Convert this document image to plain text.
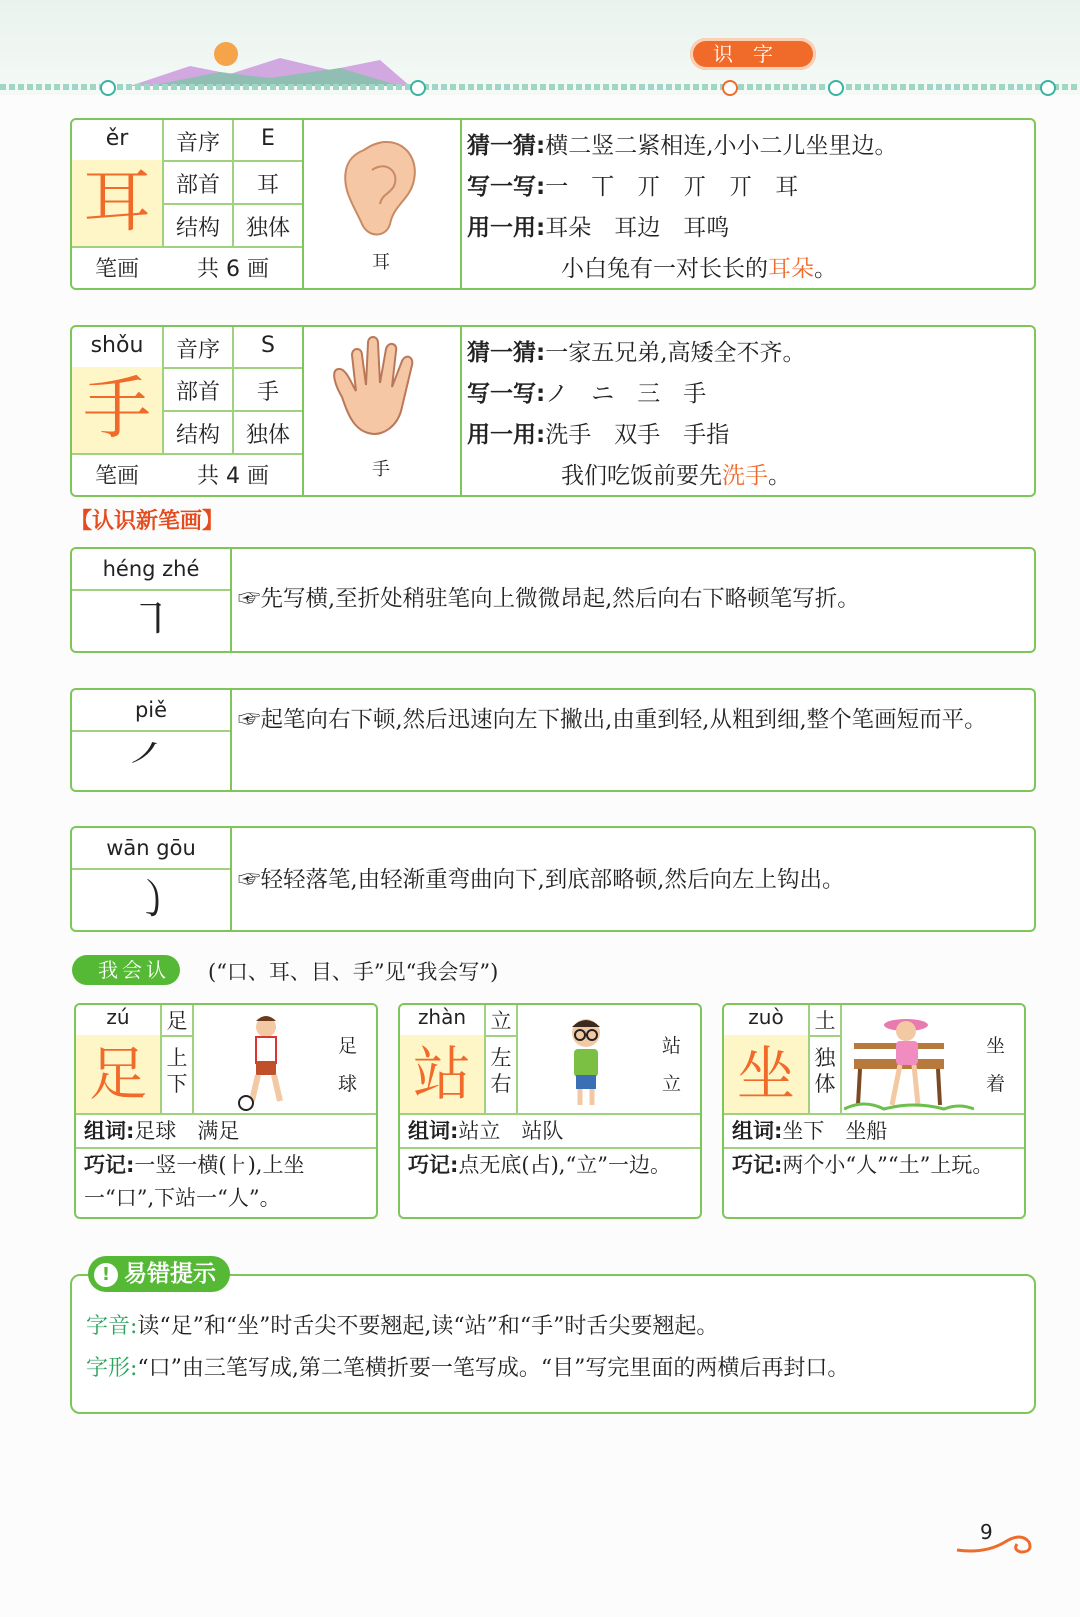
识字
ěr
耳
音序	E
部首	耳
结构	独体
笔画	共 6 画	耳
猜一猜:横二竖二紧相连,小小二儿坐里边。
写一写:一　丅　丌　丌　丌　耳
用一用:耳朵　耳边　耳鸣
小白兔有一对长长的耳朵。
shǒu
手
音序	S
部首	手
结构	独体
笔画	共 4 画	手
猜一猜:一家五兄弟,高矮全不齐。
写一写:ノ　ニ　三　手
用一用:洗手　双手　手指
我们吃饭前要先洗手。
【认识新笔画】
héng zhé
㇕	☞先写横,至折处稍驻笔向上微微昂起,然后向右下略顿笔写折。
piě
㇒
☞起笔向右下顿,然后迅速向左下撇出,由重到轻,从粗到细,整个笔画短而平。
wān gōu
㇁	☞轻轻落笔,由轻渐重弯曲向下,到底部略顿,然后向左上钩出。
我会认	(“口、耳、目、手”见“我会写”)
zú
足
足
上下
足球
组词:足球　满足
巧记:一竖一横(⺊),上坐一“口”,下站一“人”。
zhàn
站
立
左右
站立
组词:站立　站队
巧记:点无底(占),“立”一边。
zuò
坐
土
独体
坐着
组词:坐下　坐船
巧记:两个小“人”“土”上玩。
字音:读“足”和“坐”时舌尖不要翘起,读“站”和“手”时舌尖要翘起。
字形:“口”由三笔写成,第二笔横折要一笔写成。“目”写完里面的两横后再封口。
! 易错提示
9
